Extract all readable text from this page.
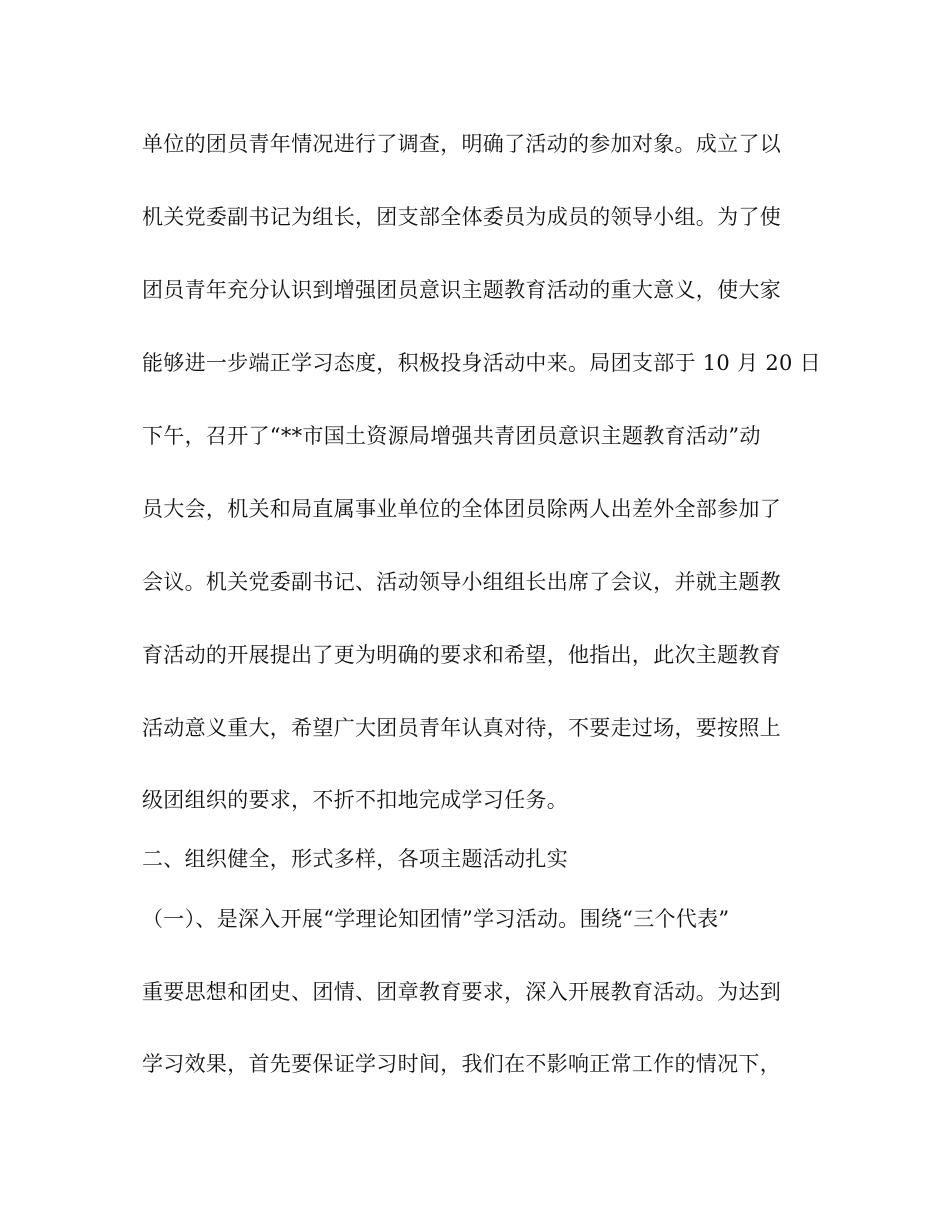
单位的团员青年情况进行了调查，明确了活动的参加对象。成立了以
机关党委副书记为组长，团支部全体委员为成员的领导小组。为了使
团员青年充分认识到增强团员意识主题教育活动的重大意义，使大家
能够进一步端正学习态度，积极投身活动中来。局团支部于 10 月 20 日
下午，召开了“**市国土资源局增强共青团员意识主题教育活动”动
员大会，机关和局直属事业单位的全体团员除两人出差外全部参加了
会议。机关党委副书记、活动领导小组组长出席了会议，并就主题教
育活动的开展提出了更为明确的要求和希望，他指出，此次主题教育
活动意义重大，希望广大团员青年认真对待，不要走过场，要按照上
级团组织的要求，不折不扣地完成学习任务。
二、组织健全，形式多样，各项主题活动扎实
（一）、是深入开展“学理论知团情”学习活动。围绕“三个代表”
重要思想和团史、团情、团章教育要求，深入开展教育活动。为达到
学习效果，首先要保证学习时间，我们在不影响正常工作的情况下，
